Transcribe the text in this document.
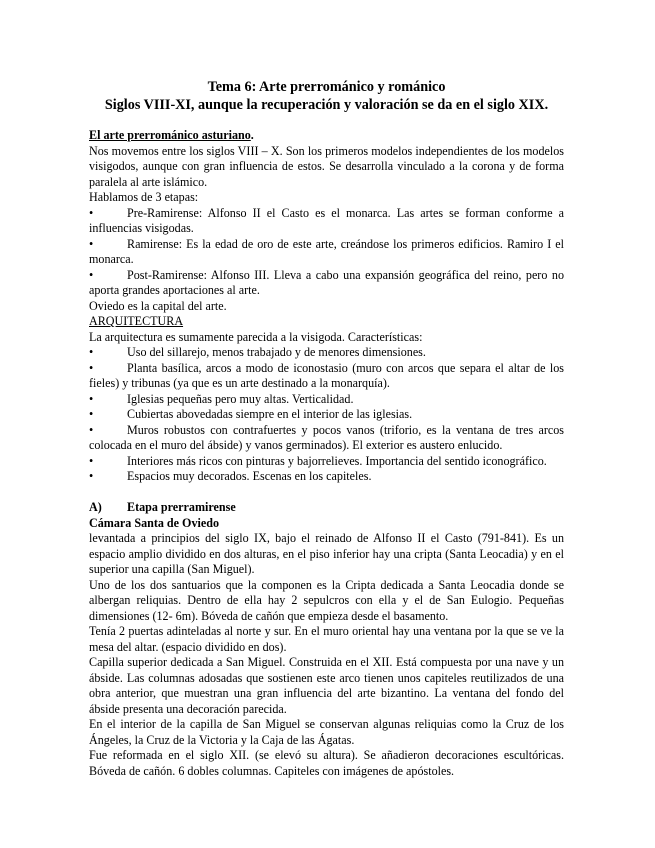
Tema 6: Arte prerrománico y románico
Siglos VIII-XI, aunque la recuperación y valoración se da en el siglo XIX.

El arte prerrománico asturiano.

Nos movemos entre los siglos VIII – X. Son los primeros modelos independientes de los modelos visigodos, aunque con gran influencia de estos. Se desarrolla vinculado a la corona y de forma paralela al arte islámico.

Hablamos de 3 etapas:

•	Pre-Ramirense: Alfonso II el Casto es el monarca. Las artes se forman conforme a influencias visigodas.

•	Ramirense: Es la edad de oro de este arte, creándose los primeros edificios. Ramiro I el monarca.

•	Post-Ramirense: Alfonso III. Lleva a cabo una expansión geográfica del reino, pero no aporta grandes aportaciones al arte.

Oviedo es la capital del arte.

ARQUITECTURA

La arquitectura es sumamente parecida a la visigoda. Características:

•	Uso del sillarejo, menos trabajado y de menores dimensiones.

•	Planta basílica, arcos a modo de iconostasio (muro con arcos que separa el altar de los fieles) y tribunas (ya que es un arte destinado a la monarquía).

•	Iglesias pequeñas pero muy altas. Verticalidad.

•	Cubiertas abovedadas siempre en el interior de las iglesias.

•	Muros robustos con contrafuertes y pocos vanos (triforio, es la ventana de tres arcos colocada en el muro del ábside) y vanos germinados). El exterior es austero enlucido.

•	Interiores más ricos con pinturas y bajorrelieves. Importancia del sentido iconográfico.

•	Espacios muy decorados. Escenas en los capiteles.

A)	Etapa prerramirense

Cámara Santa de Oviedo

levantada a principios del siglo IX, bajo el reinado de Alfonso II el Casto (791-841). Es un espacio amplio dividido en dos alturas, en el piso inferior hay una cripta (Santa Leocadia) y en el superior una capilla (San Miguel).

Uno de los dos santuarios que la componen es la Cripta dedicada a Santa Leocadia donde se albergan reliquias. Dentro de ella hay 2 sepulcros con ella y el de San Eulogio. Pequeñas dimensiones (12- 6m). Bóveda de cañón que empieza desde el basamento.

Tenía 2 puertas adinteladas al norte y sur. En el muro oriental hay una ventana por la que se ve la mesa del altar. (espacio dividido en dos).

Capilla superior dedicada a San Miguel. Construida en el XII. Está compuesta por una nave y un ábside. Las columnas adosadas que sostienen este arco tienen unos capiteles reutilizados de una obra anterior, que muestran una gran influencia del arte bizantino. La ventana del fondo del ábside presenta una decoración parecida.

En el interior de la capilla de San Miguel se conservan algunas reliquias como la Cruz de los Ángeles, la Cruz de la Victoria y la Caja de las Ágatas.

Fue reformada en el siglo XII. (se elevó su altura). Se añadieron decoraciones escultóricas. Bóveda de cañón. 6 dobles columnas. Capiteles con imágenes de apóstoles.
